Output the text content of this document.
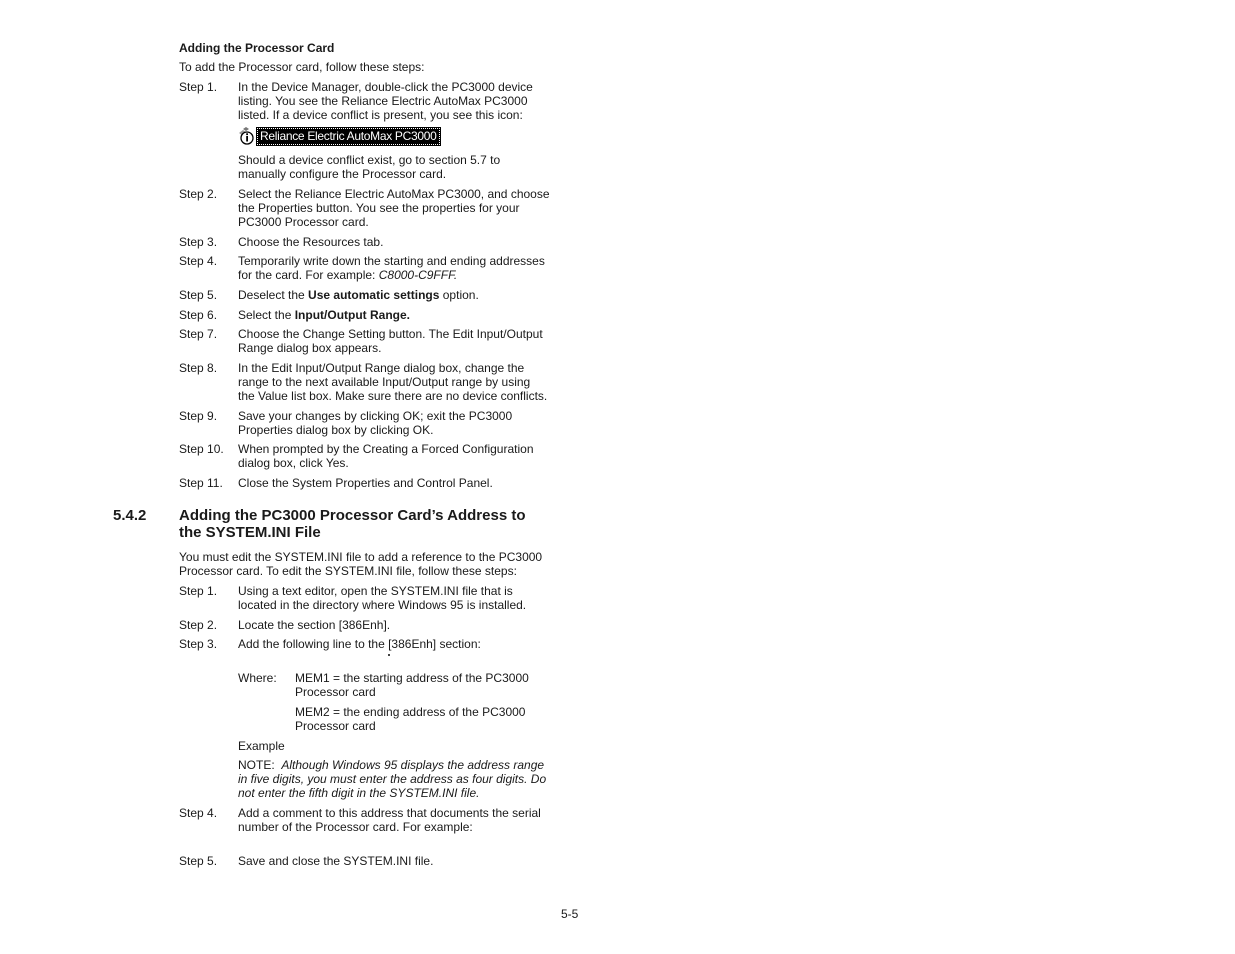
Adding the Processor Card
To add the Processor card, follow these steps:
Step 1. In the Device Manager, double-click the PC3000 device
listing. You see the Reliance Electric AutoMax PC3000
listed. If a device conflict is present, you see this icon:
Reliance Electric AutoMax PC3000
Should a device conflict exist, go to section 5.7 to
manually configure the Processor card.
Step 2. Select the Reliance Electric AutoMax PC3000, and choose
the Properties button. You see the properties for your
PC3000 Processor card.
Step 3. Choose the Resources tab.
Step 4. Temporarily write down the starting and ending addresses
for the card. For example: C8000-C9FFF.
Step 5. Deselect the Use automatic settings option.
Step 6. Select the Input/Output Range.
Step 7. Choose the Change Setting button. The Edit Input/Output
Range dialog box appears.
Step 8. In the Edit Input/Output Range dialog box, change the
range to the next available Input/Output range by using
the Value list box. Make sure there are no device conflicts.
Step 9. Save your changes by clicking OK; exit the PC3000
Properties dialog box by clicking OK.
Step 10. When prompted by the Creating a Forced Configuration
dialog box, click Yes.
Step 11. Close the System Properties and Control Panel.
5.4.2 Adding the PC3000 Processor Card’s Address to
the SYSTEM.INI File
You must edit the SYSTEM.INI file to add a reference to the PC3000
Processor card. To edit the SYSTEM.INI file, follow these steps:
Step 1. Using a text editor, open the SYSTEM.INI file that is
located in the directory where Windows 95 is installed.
Step 2. Locate the section [386Enh].
Step 3. Add the following line to the [386Enh] section:
Where: MEM1 = the starting address of the PC3000
Processor card
MEM2 = the ending address of the PC3000
Processor card
Example
NOTE: Although Windows 95 displays the address range
in five digits, you must enter the address as four digits. Do
not enter the fifth digit in the SYSTEM.INI file.
Step 4. Add a comment to this address that documents the serial
number of the Processor card. For example:
Step 5. Save and close the SYSTEM.INI file.
5-5
